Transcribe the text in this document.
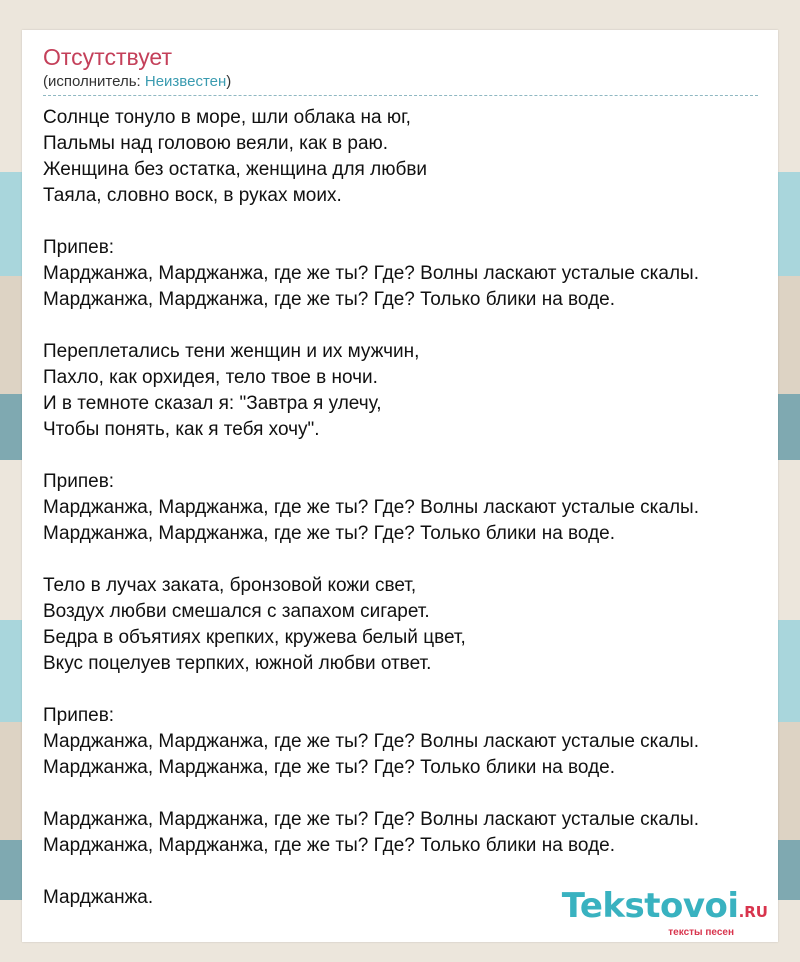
Отсутствует
(исполнитель: Неизвестен)
Солнце тонуло в море, шли облака на юг,
Пальмы над головою веяли, как в раю.
Женщина без остатка, женщина для любви
Таяла, словно воск, в руках моих.
Припев:
Марджанжа, Марджанжа, где же ты? Где? Волны ласкают усталые скалы.
Марджанжа, Марджанжа, где же ты? Где? Только блики на воде.
Переплетались тени женщин и их мужчин,
Пахло, как орхидея, тело твое в ночи.
И в темноте сказал я: "Завтра я улечу,
Чтобы понять, как я тебя хочу".
Припев:
Марджанжа, Марджанжа, где же ты? Где? Волны ласкают усталые скалы.
Марджанжа, Марджанжа, где же ты? Где? Только блики на воде.
Тело в лучах заката, бронзовой кожи свет,
Воздух любви смешался с запахом сигарет.
Бедра в объятиях крепких, кружева белый цвет,
Вкус поцелуев терпких, южной любви ответ.
Припев:
Марджанжа, Марджанжа, где же ты? Где? Волны ласкают усталые скалы.
Марджанжа, Марджанжа, где же ты? Где? Только блики на воде.
Марджанжа, Марджанжа, где же ты? Где? Волны ласкают усталые скалы.
Марджанжа, Марджанжа, где же ты? Где? Только блики на воде.
Марджанжа.	Tekstovoi.RU
тексты песен
